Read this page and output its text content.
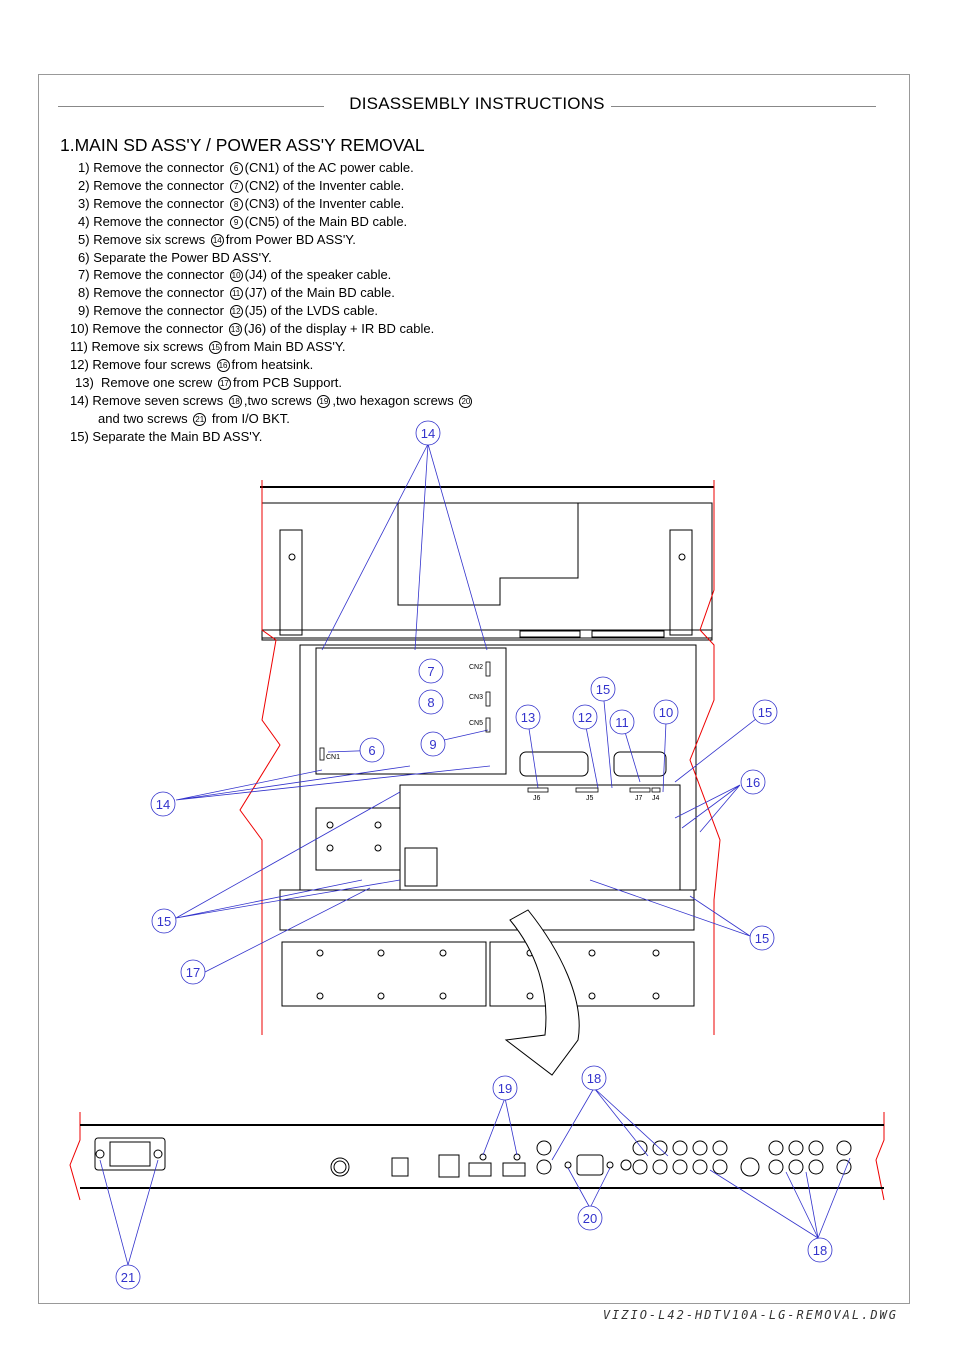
DISASSEMBLY INSTRUCTIONS
1.MAIN SD ASS'Y / POWER ASS'Y REMOVAL
1) Remove the connector 6 (CN1) of the AC power cable.
2) Remove the connector 7 (CN2) of the Inventer cable.
3) Remove the connector 8 (CN3) of the Inventer cable.
4) Remove the connector 9 (CN5) of the Main BD cable.
5) Remove six screws 14 from Power BD ASS'Y.
6) Separate the Power BD ASS'Y.
7) Remove the connector 10 (J4) of the speaker cable.
8) Remove the connector 11 (J7) of the Main BD cable.
9) Remove the connector 12 (J5) of the LVDS cable.
10) Remove the connector 13 (J6) of the display + IR BD cable.
11) Remove six screws 15 from Main BD ASS'Y.
12) Remove four screws 16 from heatsink.
13) Remove one screw 17 from PCB Support.
14) Remove seven screws 18 ,two screws 19 ,two hexagon screws 20
and two screws 21 from I/O BKT.
15) Separate the Main BD ASS'Y.	14
14
15
17
15
16
15
10
11
12
13
15
7
8
9
6
19
18
20
18
21
CN1
CN2
CN3
CN5
J6	J5	J7 J4
VIZIO-L42-HDTV10A-LG-REMOVAL.DWG
